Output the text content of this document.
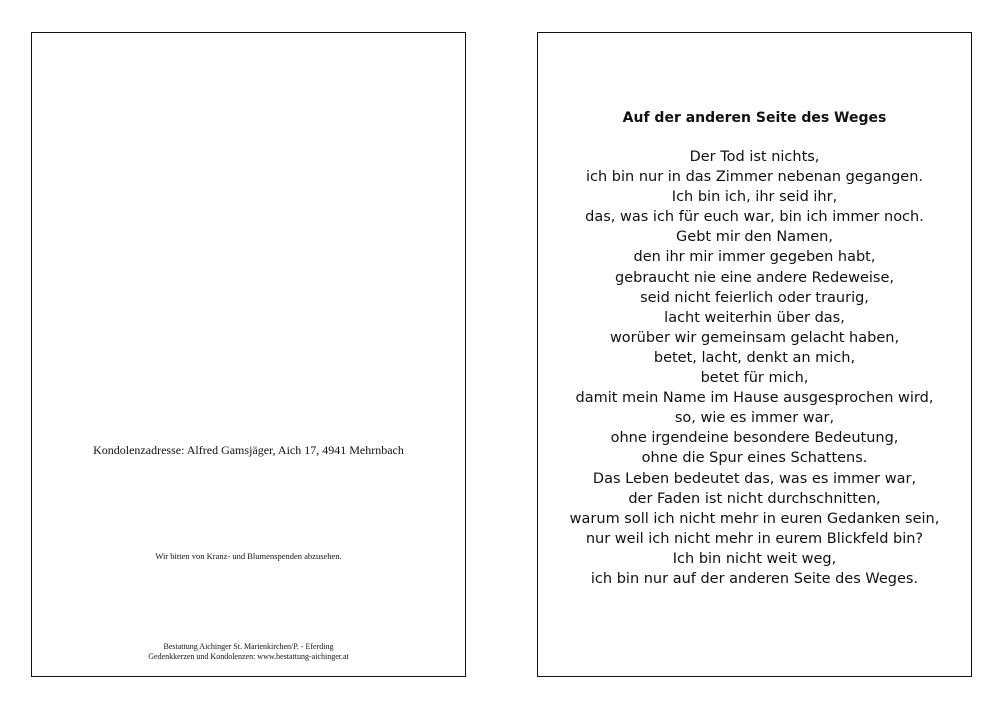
Kondolenzadresse: Alfred Gamsjäger, Aich 17, 4941 Mehrnbach
Wir bitten von Kranz- und Blumenspenden abzusehen.
Bestattung Aichinger St. Marienkirchen/P. - Eferding
Gedenkkerzen und Kondolenzen: www.bestattung-aichinger.at
Auf der anderen Seite des Weges
Der Tod ist nichts,
ich bin nur in das Zimmer nebenan gegangen.
Ich bin ich, ihr seid ihr,
das, was ich für euch war, bin ich immer noch.
Gebt mir den Namen,
den ihr mir immer gegeben habt,
gebraucht nie eine andere Redeweise,
seid nicht feierlich oder traurig,
lacht weiterhin über das,
worüber wir gemeinsam gelacht haben,
betet, lacht, denkt an mich,
betet für mich,
damit mein Name im Hause ausgesprochen wird,
so, wie es immer war,
ohne irgendeine besondere Bedeutung,
ohne die Spur eines Schattens.
Das Leben bedeutet das, was es immer war,
der Faden ist nicht durchschnitten,
warum soll ich nicht mehr in euren Gedanken sein,
nur weil ich nicht mehr in eurem Blickfeld bin?
Ich bin nicht weit weg,
ich bin nur auf der anderen Seite des Weges.
